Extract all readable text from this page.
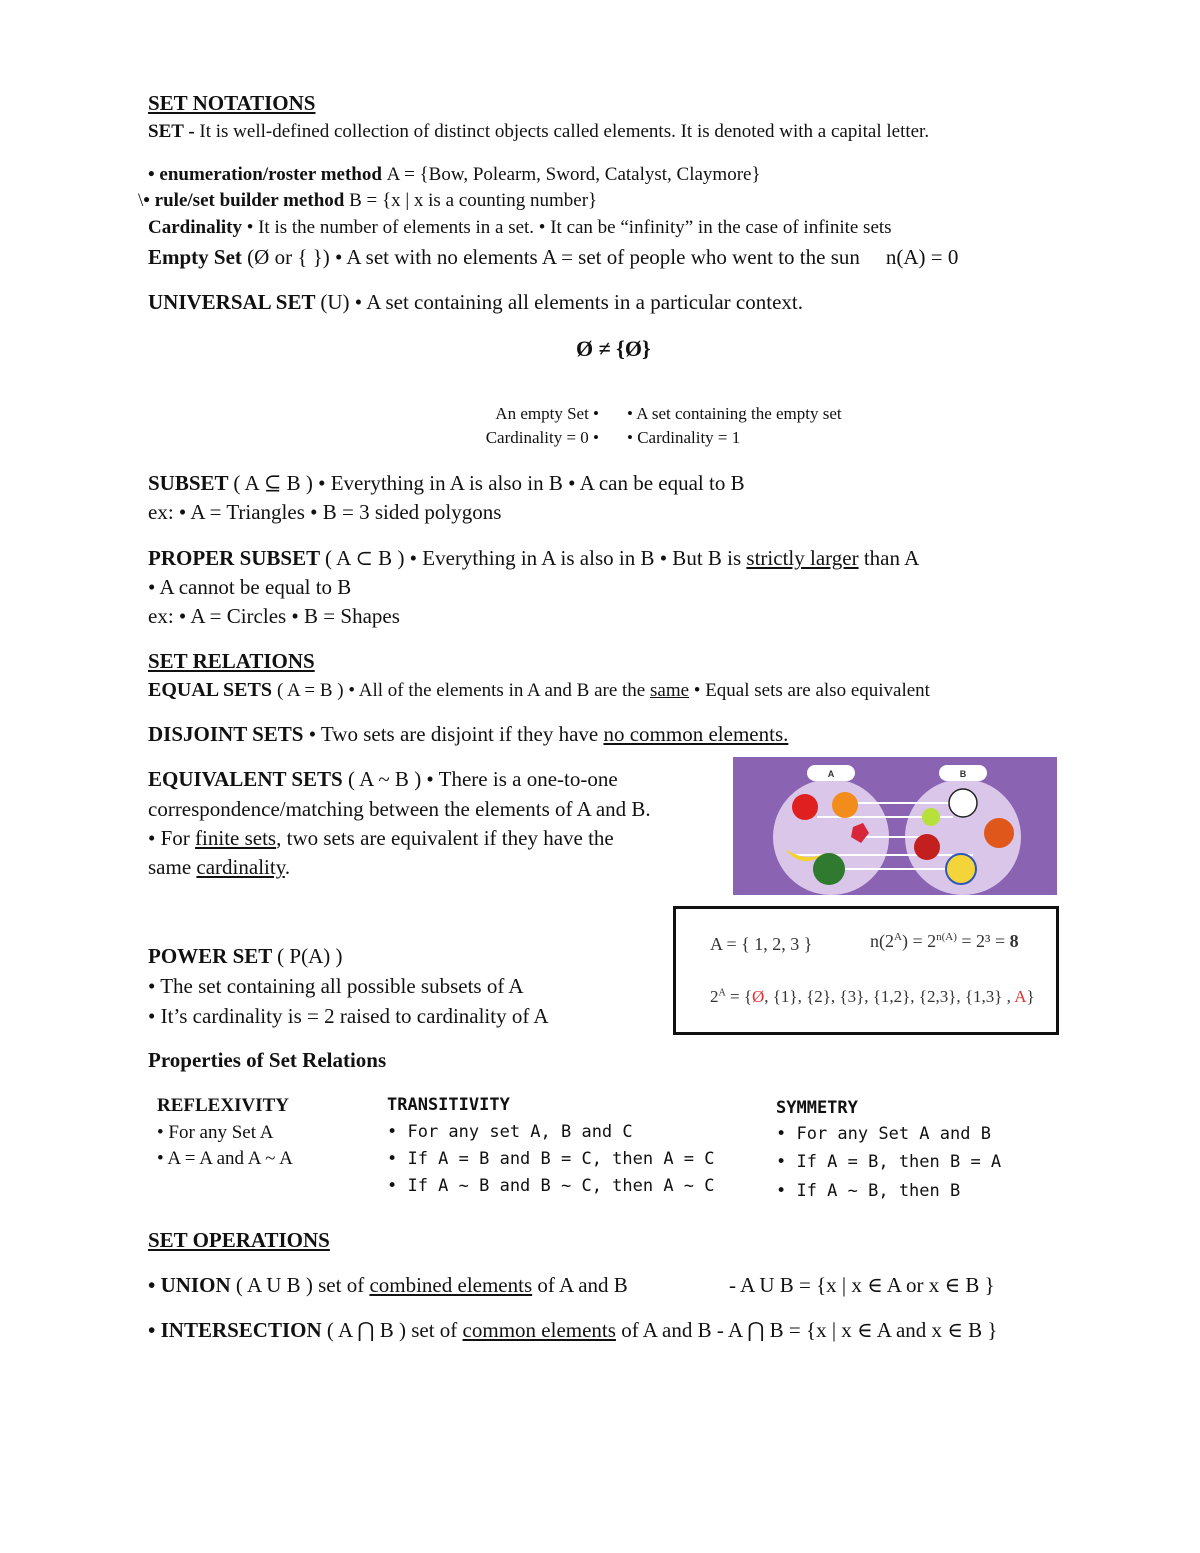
SET NOTATIONS
SET - It is well-defined collection of distinct objects called elements. It is denoted with a capital letter.
• enumeration/roster method A = {Bow, Polearm, Sword, Catalyst, Claymore}
\• rule/set builder method B = {x | x is a counting number}
Cardinality • It is the number of elements in a set. • It can be “infinity” in the case of infinite sets
Empty Set (Ø or { }) • A set with no elements A = set of people who went to the sun n(A) = 0
UNIVERSAL SET (U) • A set containing all elements in a particular context.
Ø ≠ {Ø}
An empty Set •
Cardinality = 0 •
• A set containing the empty set
• Cardinality = 1
SUBSET ( A ⊆ B ) • Everything in A is also in B • A can be equal to B
ex: • A = Triangles • B = 3 sided polygons
PROPER SUBSET ( A ⊂ B ) • Everything in A is also in B • But B is strictly larger than A
• A cannot be equal to B
ex: • A = Circles • B = Shapes
SET RELATIONS
EQUAL SETS ( A = B ) • All of the elements in A and B are the same • Equal sets are also equivalent
DISJOINT SETS • Two sets are disjoint if they have no common elements.
EQUIVALENT SETS ( A ~ B ) • There is a one-to-one
correspondence/matching between the elements of A and B.
• For finite sets, two sets are equivalent if they have the
same cardinality.
A	B
POWER SET ( P(A) )
• The set containing all possible subsets of A
• It’s cardinality is = 2 raised to cardinality of A
A = { 1, 2, 3 }	$n(2^A) = 2^{n(A)} = 2^3 = 8$
$2^A$ = {Ø, {1}, {2}, {3}, {1,2}, {2,3}, {1,3} , A}
Properties of Set Relations
REFLEXIVITY
• For any Set A
• A = A and A ~ A
TRANSITIVITY
• For any set A, B and C
• If A = B and B = C, then A = C
• If A ~ B and B ~ C, then A ~ C
SYMMETRY
• For any Set A and B
• If A = B, then B = A
• If A ~ B, then B
SET OPERATIONS
• UNION ( A U B ) set of combined elements of A and B	- A U B = {x | x ∈ A or x ∈ B }
• INTERSECTION ( A ⋂ B ) set of common elements of A and B - A ⋂ B = {x | x ∈ A and x ∈ B }
